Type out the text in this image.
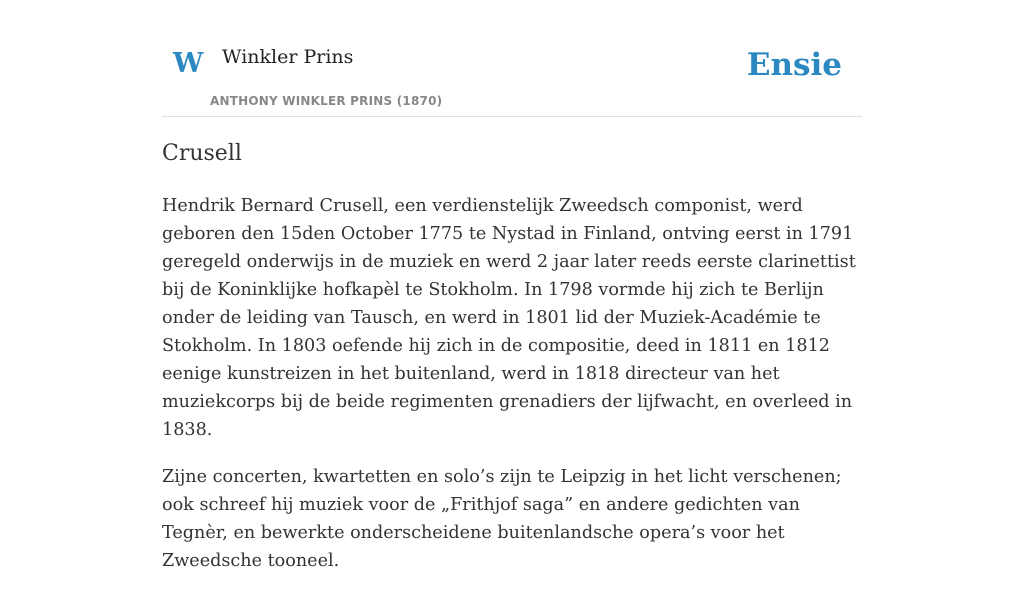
W Winkler Prins
ANTHONY WINKLER PRINS (1870)
Ensie
Crusell

Hendrik Bernard Crusell, een verdienstelijk Zweedsch componist, werd geboren den 15den October 1775 te Nystad in Finland, ontving eerst in 1791 geregeld onderwijs in de muziek en werd 2 jaar later reeds eerste clarinettist bij de Koninklijke hofkapèl te Stokholm. In 1798 vormde hij zich te Berlijn onder de leiding van Tausch, en werd in 1801 lid der Muziek-Académie te Stokholm. In 1803 oefende hij zich in de compositie, deed in 1811 en 1812 eenige kunstreizen in het buitenland, werd in 1818 directeur van het muziekcorps bij de beide regimenten grenadiers der lijfwacht, en overleed in 1838.

Zijne concerten, kwartetten en solo’s zijn te Leipzig in het licht verschenen; ook schreef hij muziek voor de „Frithjof saga” en andere gedichten van Tegnèr, en bewerkte onderscheidene buitenlandsche opera’s voor het Zweedsche tooneel.
